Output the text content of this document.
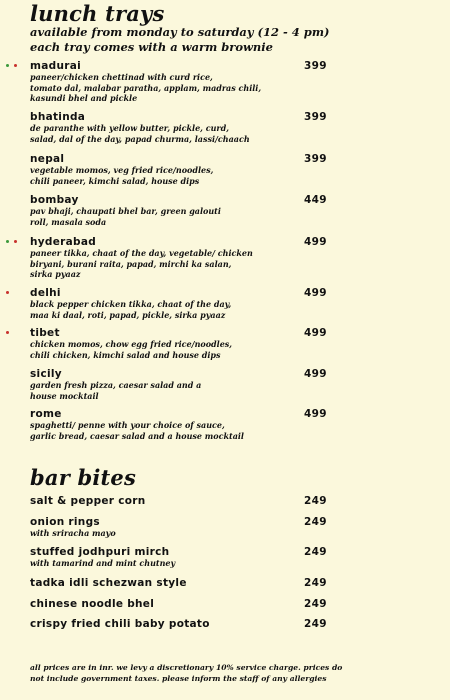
lunch trays

available from monday to saturday (12 - 4 pm)

each tray comes with a warm brownie

madurai	399
paneer/chicken chettinad with curd rice,
tomato dal, malabar paratha, applam, madras chili,
kasundi bhel and pickle
bhatinda	399
de paranthe with yellow butter, pickle, curd,
salad, dal of the day, papad churma, lassi/chaach
nepal	399
vegetable momos, veg fried rice/noodles,
chili paneer, kimchi salad, house dips
bombay	449
pav bhaji, chaupati bhel bar, green galouti
roll, masala soda
hyderabad	499
paneer tikka, chaat of the day, vegetable/ chicken
biryani, burani raita, papad, mirchi ka salan,
sirka pyaaz
delhi	499
black pepper chicken tikka, chaat of the day,
maa ki daal, roti, papad, pickle, sirka pyaaz
tibet	499
chicken momos, chow egg fried rice/noodles,
chili chicken, kimchi salad and house dips
sicily	499
garden fresh pizza, caesar salad and a
house mocktail
rome	499
spaghetti/ penne with your choice of sauce,
garlic bread, caesar salad and a house mocktail
bar bites
salt & pepper corn	249
onion rings	249
with sriracha mayo
stuffed jodhpuri mirch	249
with tamarind and mint chutney
tadka idli schezwan style	249
chinese noodle bhel	249
crispy fried chili baby potato	249
all prices are in inr. we levy a discretionary 10% service charge. prices do
not include government taxes. please inform the staff of any allergies
